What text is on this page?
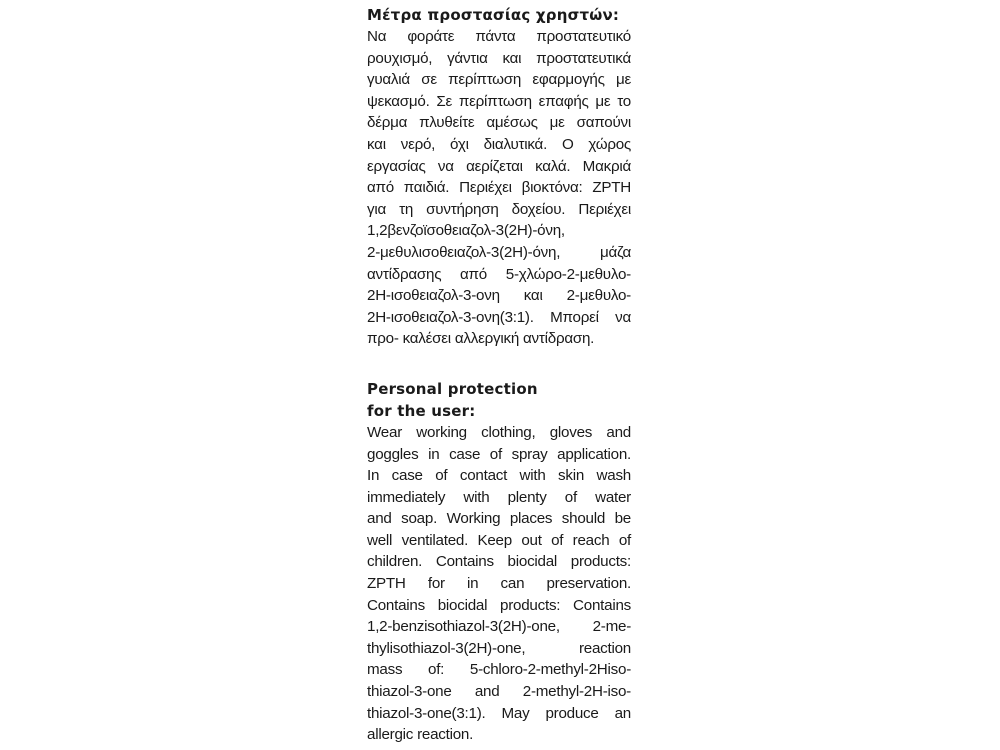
Μέτρα προστασίας χρηστών:

Να φοράτε πάντα προστατευτικό
ρουχισμό, γάντια και προστατευτικά
γυαλιά σε περίπτωση εφαρμογής με
ψεκασμό. Σε περίπτωση επαφής με το
δέρμα πλυθείτε αμέσως με σαπούνι
και νερό, όχι διαλυτικά. Ο χώρος
εργασίας να αερίζεται καλά. Μακριά
από παιδιά. Περιέχει βιοκτόνα: ZPTH
για τη συντήρηση δοχείου. Περιέχει
1,2βενζοϊσοθειαζολ-3(2Η)-όνη,
2-μεθυλισοθειαζολ-3(2Η)-όνη, μάζα
αντίδρασης από 5-χλώρο-2-μεθυλο-
2Η-ισοθειαζολ-3-ονη και 2-μεθυλο-
2Η-ισοθειαζολ-3-ονη(3:1). Μπορεί να
προ- καλέσει αλλεργική αντίδραση.

Personal protection
for the user:

Wear working clothing, gloves and
goggles in case of spray application.
In case of contact with skin wash
immediately with plenty of water
and soap. Working places should be
well ventilated. Keep out of reach of
children. Contains biocidal products:
ZPTH for in can preservation.
Contains biocidal products: Contains
1,2-benzisothiazol-3(2H)-one, 2-me-
thylisothiazol-3(2H)-one, reaction
mass of: 5-chloro-2-methyl-2Hiso-
thiazol-3-one and 2-methyl-2H-iso-
thiazol-3-one(3:1). May produce an
allergic reaction.
